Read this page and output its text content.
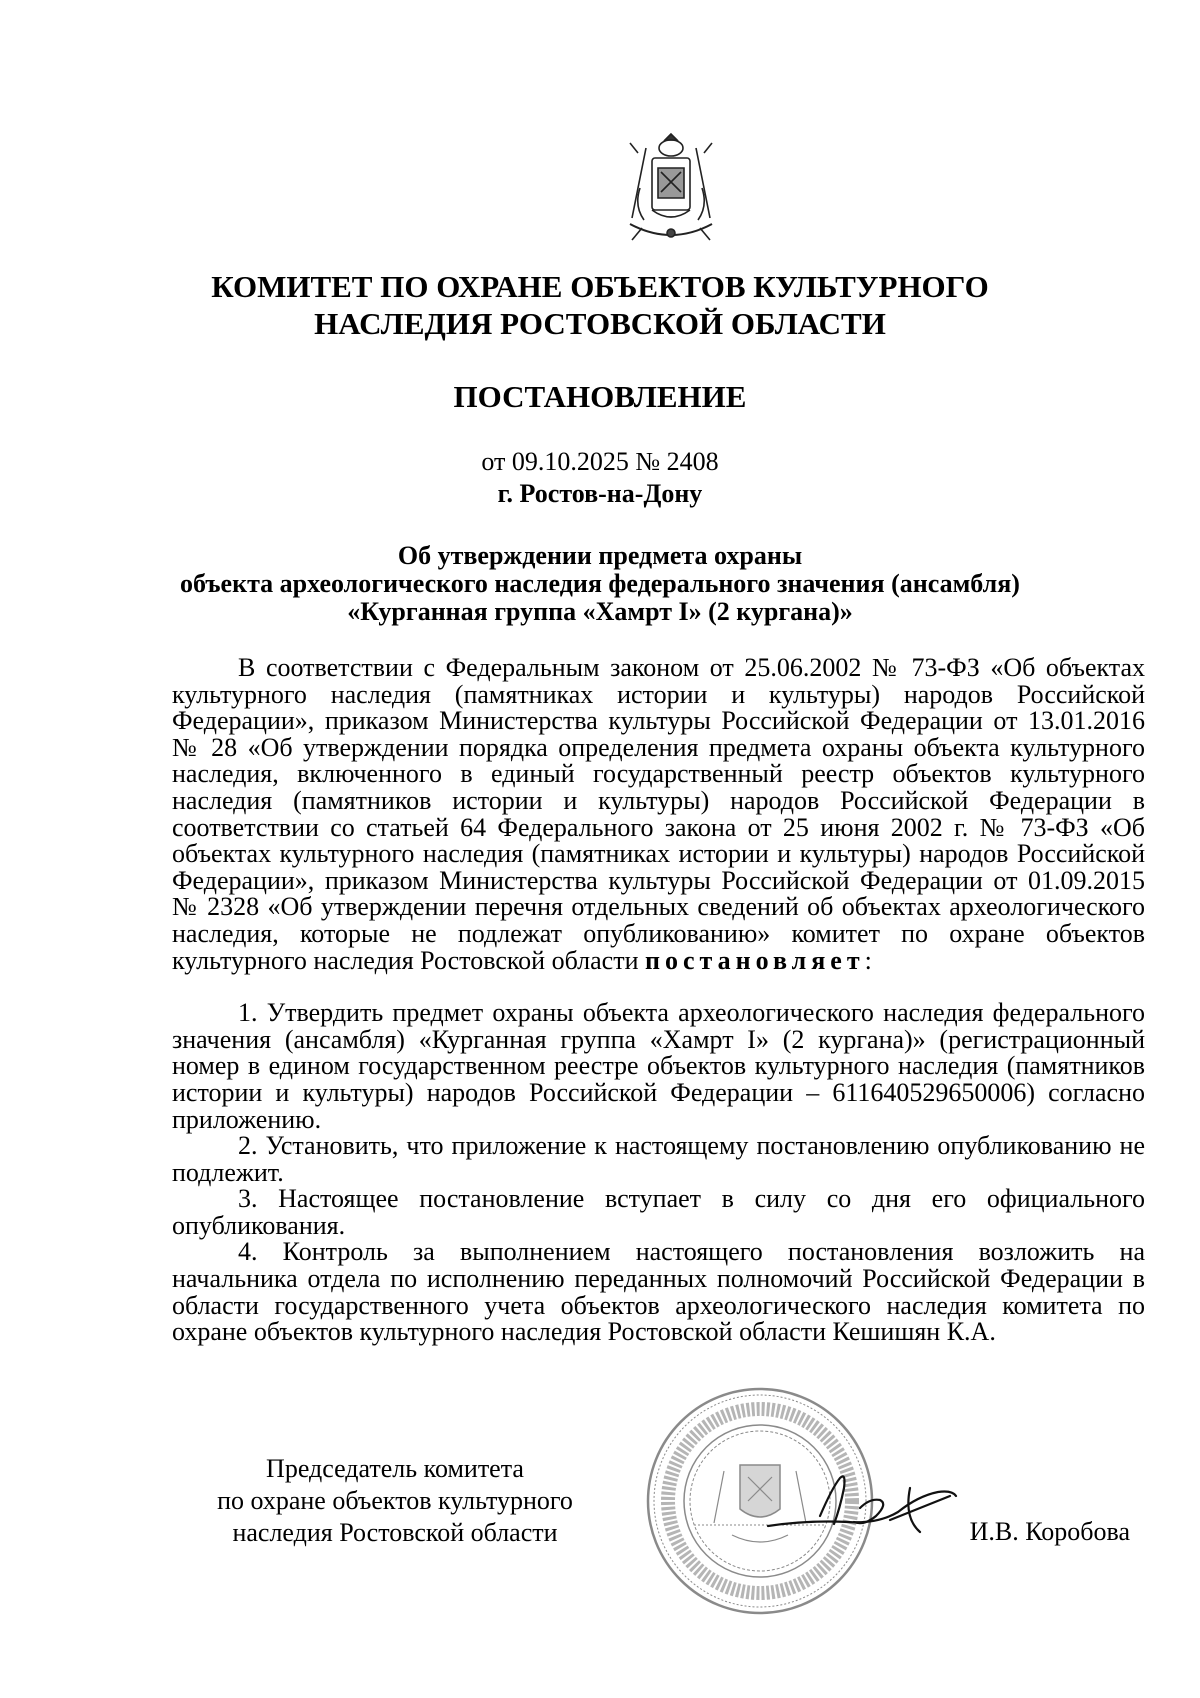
КОМИТЕТ ПО ОХРАНЕ ОБЪЕКТОВ КУЛЬТУРНОГО
НАСЛЕДИЯ РОСТОВСКОЙ ОБЛАСТИ
ПОСТАНОВЛЕНИЕ
от 09.10.2025 № 2408
г. Ростов-на-Дону
Об утверждении предмета охраны
объекта археологического наследия федерального значения (ансамбля)
«Курганная группа «Хамрт I» (2 кургана)»

В соответствии с Федеральным законом от 25.06.2002 № 73-ФЗ «Об объектах культурного наследия (памятниках истории и культуры) народов Российской Федерации», приказом Министерства культуры Российской Федерации от 13.01.2016 № 28 «Об утверждении порядка определения предмета охраны объекта культурного наследия, включенного в единый государственный реестр объектов культурного наследия (памятников истории и культуры) народов Российской Федерации в соответствии со статьей 64 Федерального закона от 25 июня 2002 г. № 73-ФЗ «Об объектах культурного наследия (памятниках истории и культуры) народов Российской Федерации», приказом Министерства культуры Российской Федерации от 01.09.2015 № 2328 «Об утверждении перечня отдельных сведений об объектах археологического наследия, которые не подлежат опубликованию» комитет по охране объектов культурного наследия Ростовской области постановляет:

1. Утвердить предмет охраны объекта археологического наследия федерального значения (ансамбля) «Курганная группа «Хамрт I» (2 кургана)» (регистрационный номер в едином государственном реестре объектов культурного наследия (памятников истории и культуры) народов Российской Федерации – 611640529650006) согласно приложению.

2. Установить, что приложение к настоящему постановлению опубликованию не подлежит.

3. Настоящее постановление вступает в силу со дня его официального опубликования.

4. Контроль за выполнением настоящего постановления возложить на начальника отдела по исполнению переданных полномочий Российской Федерации в области государственного учета объектов археологического наследия комитета по охране объектов культурного наследия Ростовской области Кешишян К.А.

Председатель комитета
по охране объектов культурного
наследия Ростовской области	И.В. Коробова
